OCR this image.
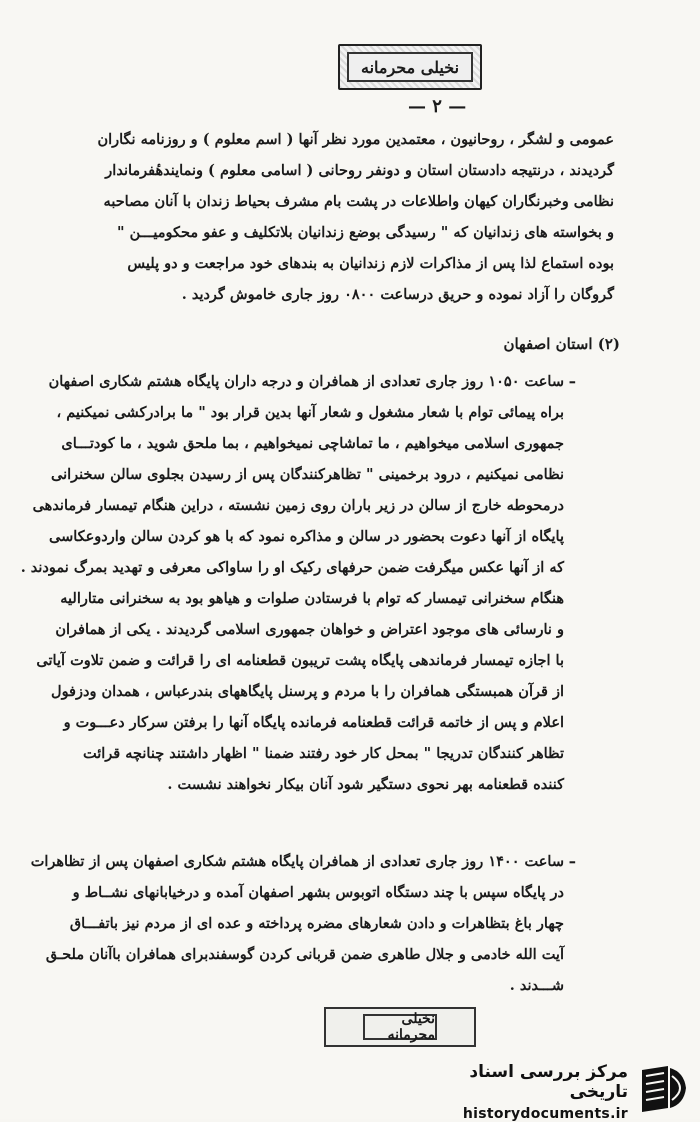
نخیلی محرمانه
— ۲ —
عمومی و لشگر ، روحانیون ، معتمدین مورد نظر آنها ( اسم معلوم ) و روزنامه نگاران
گردیدند ، درنتیجه دادستان استان و دونفر روحانی ( اسامی معلوم ) ونمایندهٔفرماندار
نظامی وخبرنگاران کیهان واطلاعات در پشت بام مشرف بحیاط زندان با آنان مصاحبه
و بخواسته های زندانیان که " رسیدگی بوضع زندانیان بلاتکلیف و عفو محکومیـــن "
بوده استماع لذا پس از مذاکرات لازم زندانیان به بندهای خود مراجعت و دو پلیس
گروگان را آزاد نموده و حریق درساعت ۰۸۰۰ روز جاری خاموش گردید .
(۲) استان اصفهان
ـ
ساعت ۱۰۵۰ روز جاری تعدادی از همافران و درجه داران پایگاه هشتم شکاری اصفهان
براه پیمائی توام با شعار مشغول و شعار آنها بدین قرار بود " ما برادرکشی نمیکنیم ،
جمهوری اسلامی میخواهیم ، ما تماشاچی نمیخواهیم ، بما ملحق شوید ، ما کودتـــای
نظامی نمیکنیم ، درود برخمینی " تظاهرکنندگان پس از رسیدن بجلوی سالن سخنرانی
درمحوطه خارج از سالن در زیر باران روی زمین نشسته ، دراین هنگام تیمسار فرماندهی
پایگاه از آنها دعوت بحضور در سالن و مذاکره نمود که با هو کردن سالن واردوعکاسی
که از آنها عکس میگرفت ضمن حرفهای رکیک او را ساواکی معرفی و تهدید بمرگ نمودند .
هنگام سخنرانی تیمسار که توام با فرستادن صلوات و هیاهو بود به سخنرانی متارالیه
و نارسائی های موجود اعتراض و خواهان جمهوری اسلامی گردیدند . یکی از همافران
با اجازه تیمسار فرماندهی پایگاه پشت تریبون قطعنامه ای را قرائت و ضمن تلاوت آیاتی
از قرآن همبستگی همافران را با مردم و پرسنل پایگاههای بندرعباس ، همدان ودزفول
اعلام و پس از خاتمه قرائت قطعنامه فرمانده پایگاه آنها را برفتن سرکار دعـــوت و
تظاهر کنندگان تدریجا " بمحل کار خود رفتند ضمنا " اظهار داشتند چنانچه قرائت
کننده قطعنامه بهر نحوی دستگیر شود آنان بیکار نخواهند نشست .
ـ
ساعت ۱۴۰۰ روز جاری تعدادی از همافران پایگاه هشتم شکاری اصفهان پس از تظاهرات
در پایگاه سپس با چند دستگاه اتوبوس بشهر اصفهان آمده و درخیابانهای نشــاط و
چهار باغ بتظاهرات و دادن شعارهای مضره پرداخته و عده ای از مردم نیز باتفـــاق
آیت الله خادمی و جلال طاهری ضمن قربانی کردن گوسفندبرای همافران باآنان ملحـق
شـــدند .
نخیلی محرمانه
مرکز بررسی اسناد تاریخی
historydocuments.ir
